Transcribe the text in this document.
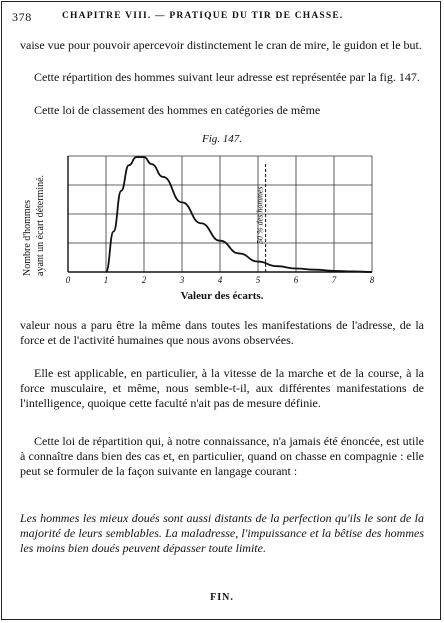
378	CHAPITRE VIII. — PRATIQUE DU TIR DE CHASSE.

vaise vue pour pouvoir apercevoir distinctement le cran de mire, le guidon et le but.

Cette répartition des hommes suivant leur adresse est représentée par la fig. 147.

Cette loi de classement des hommes en catégories de même

Fig. 147.
Nombre d'hommes ayant un écart déterminé.
0	1	2	3	4	5	6	7	8
50 % des hommes
Valeur des écarts.

valeur nous a paru être la même dans toutes les manifestations de l'adresse, de la force et de l'activité humaines que nous avons observées.

Elle est applicable, en particulier, à la vitesse de la marche et de la course, à la force musculaire, et même, nous semble-t-il, aux différentes manifestations de l'intelligence, quoique cette faculté n'ait pas de mesure définie.

Cette loi de répartition qui, à notre connaissance, n'a jamais été énoncée, est utile à connaître dans bien des cas et, en particulier, quand on chasse en compagnie : elle peut se formuler de la façon suivante en langage courant :

Les hommes les mieux doués sont aussi distants de la perfection qu'ils le sont de la majorité de leurs semblables. La maladresse, l'impuissance et la bêtise des hommes les moins bien doués peuvent dépasser toute limite.

FIN.
